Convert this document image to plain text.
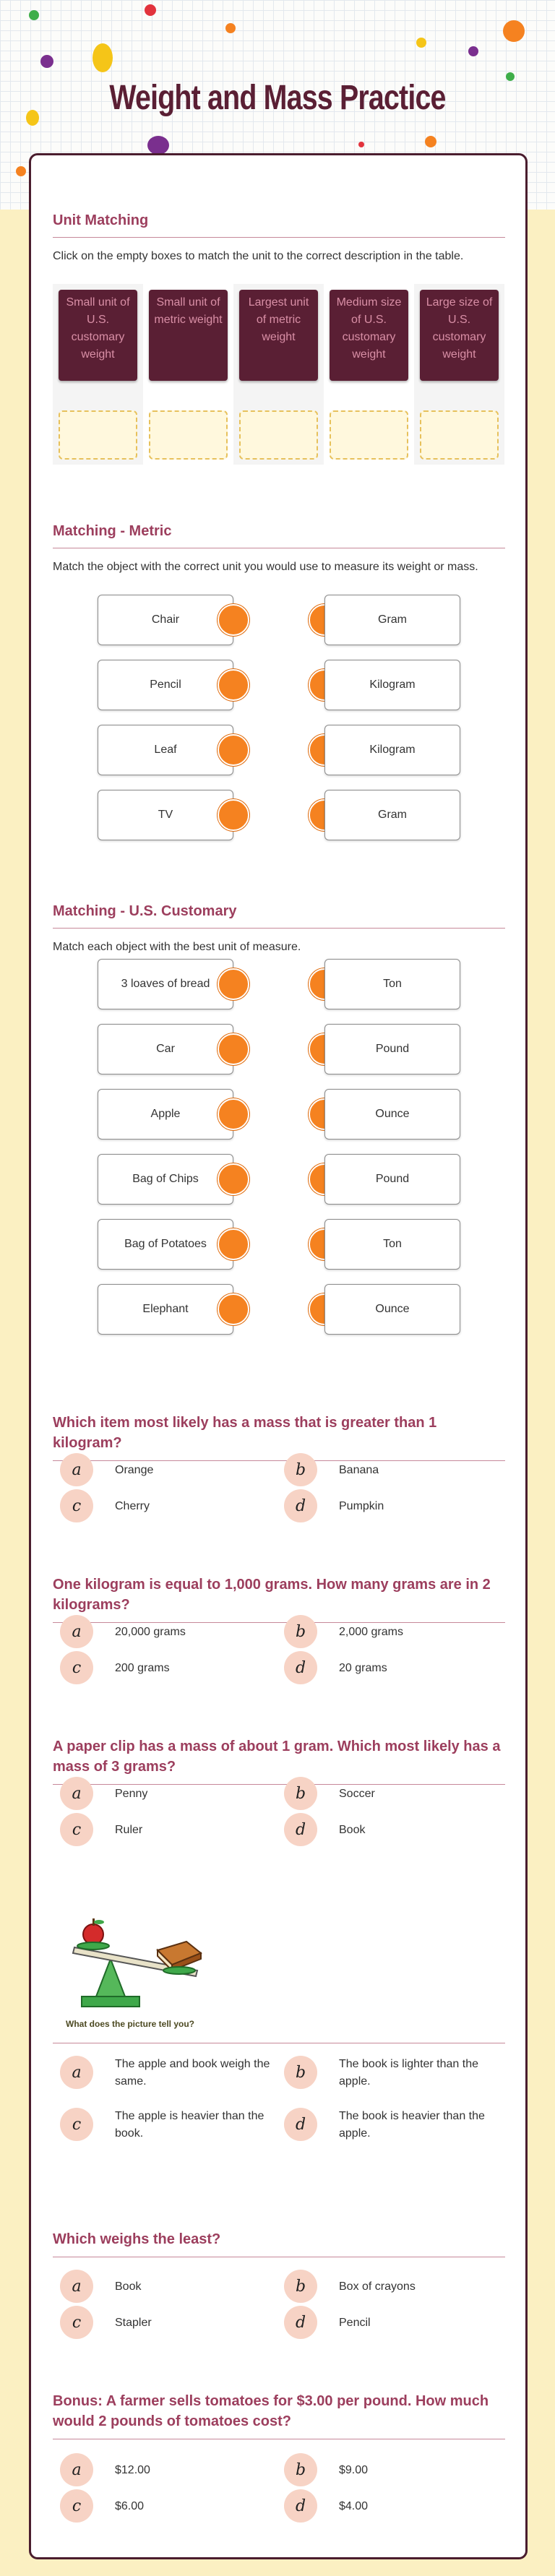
Weight and Mass Practice
Unit Matching
Click on the empty boxes to match the unit to the correct description in the table.
Small unit of U.S. customary weight
Small unit of metric weight
Largest unit of metric weight
Medium size of U.S. customary weight
Large size of U.S. customary weight
Matching - Metric
Match the object with the correct unit you would use to measure its weight or mass.
Chair	Gram
Pencil	Kilogram
Leaf	Kilogram
TV	Gram
Matching - U.S. Customary
Match each object with the best unit of measure.
3 loaves of bread	Ton
Car	Pound
Apple	Ounce
Bag of Chips	Pound
Bag of Potatoes	Ton
Elephant	Ounce
Which item most likely has a mass that is greater than 1 kilogram?
a	Orange	b	Banana
c	Cherry	d	Pumpkin
One kilogram is equal to 1,000 grams. How many grams are in 2 kilograms?
a	20,000 grams	b	2,000 grams
c	200 grams	d	20 grams
A paper clip has a mass of about 1 gram. Which most likely has a mass of 3 grams?
a	Penny	b	Soccer
c	Ruler	d	Book
What does the picture tell you?
a	The apple and book weigh the same.	b	The book is lighter than the apple.
c	The apple is heavier than the book.	d	The book is heavier than the apple.
Which weighs the least?
a	Book	b	Box of crayons
c	Stapler	d	Pencil
Bonus: A farmer sells tomatoes for $3.00 per pound. How much would 2 pounds of tomatoes cost?
a	$12.00	b	$9.00
c	$6.00	d	$4.00
